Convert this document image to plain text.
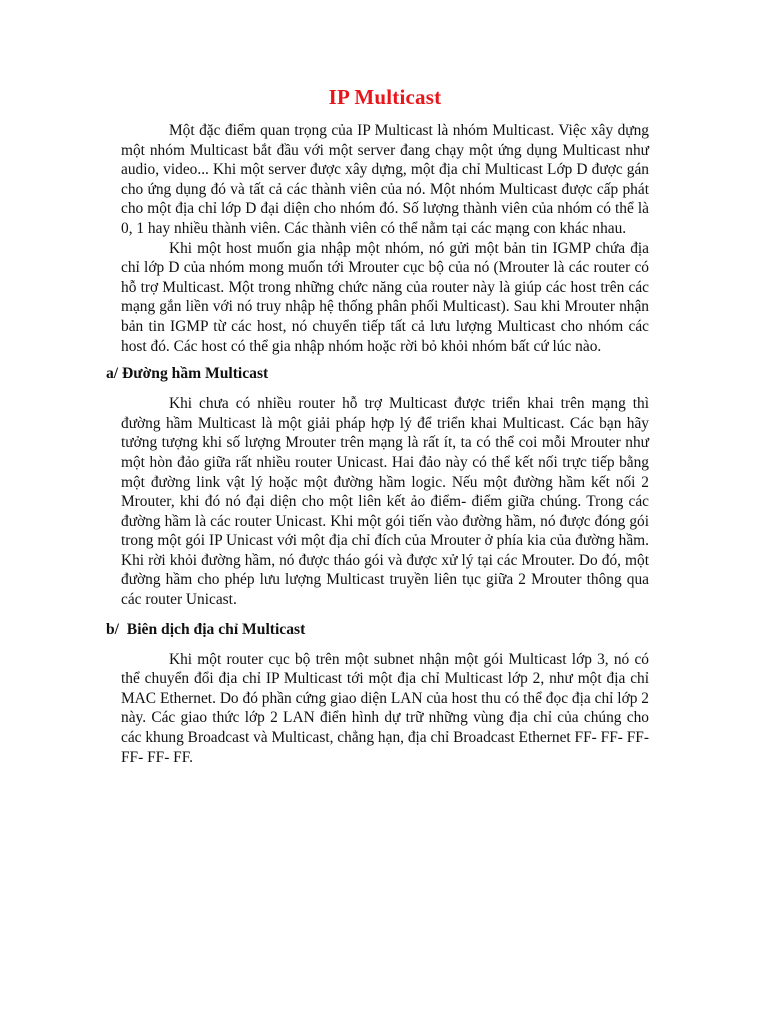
IP Multicast

Một đặc điểm quan trọng của IP Multicast là nhóm Multicast. Việc xây dựng một nhóm Multicast bắt đầu với một server đang chạy một ứng dụng Multicast như audio, video... Khi một server được xây dựng, một địa chỉ Multicast Lớp D được gán cho ứng dụng đó và tất cả các thành viên của nó. Một nhóm Multicast được cấp phát cho một địa chỉ lớp D đại diện cho nhóm đó. Số lượng thành viên của nhóm có thể là 0, 1 hay nhiều thành viên. Các thành viên có thể nằm tại các mạng con khác nhau.

Khi một host muốn gia nhập một nhóm, nó gửi một bản tin IGMP chứa địa chỉ lớp D của nhóm mong muốn tới Mrouter cục bộ của nó (Mrouter là các router có hỗ trợ Multicast. Một trong những chức năng của router này là giúp các host trên các mạng gắn liền với nó truy nhập hệ thống phân phối Multicast). Sau khi Mrouter nhận bản tin IGMP từ các host, nó chuyển tiếp tất cả lưu lượng Multicast cho nhóm các host đó. Các host có thể gia nhập nhóm hoặc rời bỏ khỏi nhóm bất cứ lúc nào.

a/ Đường hầm Multicast

Khi chưa có nhiều router hỗ trợ Multicast được triển khai trên mạng thì đường hầm Multicast là một giải pháp hợp lý để triển khai Multicast. Các bạn hãy tưởng tượng khi số lượng Mrouter trên mạng là rất ít, ta có thể coi mỗi Mrouter như một hòn đảo giữa rất nhiều router Unicast. Hai đảo này có thể kết nối trực tiếp bằng một đường link vật lý hoặc một đường hầm logic. Nếu một đường hầm kết nối 2 Mrouter, khi đó nó đại diện cho một liên kết ảo điểm- điểm giữa chúng. Trong các đường hầm là các router Unicast. Khi một gói tiến vào đường hầm, nó được đóng gói trong một gói IP Unicast với một địa chỉ đích của Mrouter ở phía kia của đường hầm. Khi rời khỏi đường hầm, nó được tháo gói và được xử lý tại các Mrouter. Do đó, một đường hầm cho phép lưu lượng Multicast truyền liên tục giữa 2 Mrouter thông qua các router Unicast.

b/  Biên dịch địa chỉ Multicast

Khi một router cục bộ trên một subnet nhận một gói Multicast lớp 3, nó có thể chuyển đổi địa chỉ IP Multicast tới một địa chỉ Multicast lớp 2, như một địa chỉ MAC Ethernet. Do đó phần cứng giao diện LAN của host thu có thể đọc địa chỉ lớp 2 này. Các giao thức lớp 2 LAN điển hình dự trữ những vùng địa chỉ của chúng cho các khung Broadcast và Multicast, chẳng hạn, địa chỉ Broadcast Ethernet FF- FF- FF- FF- FF- FF.
